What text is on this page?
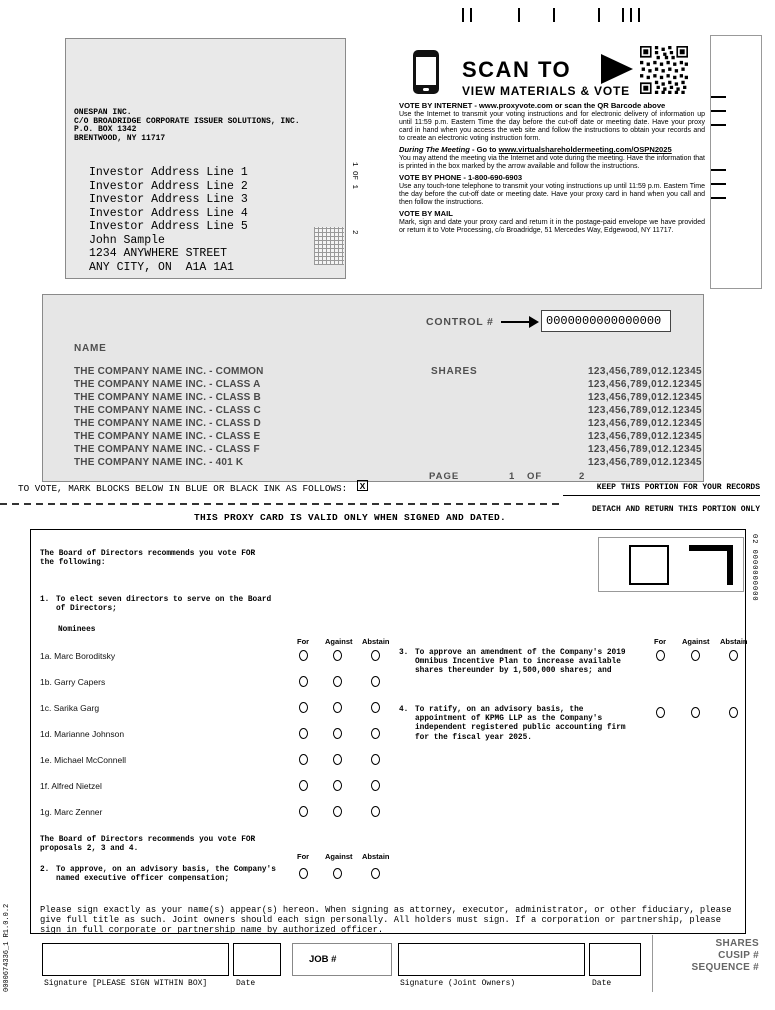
ONESPAN INC.
C/O BROADRIDGE CORPORATE ISSUER SOLUTIONS, INC.
P.O. BOX 1342
BRENTWOOD, NY 11717
Investor Address Line 1
Investor Address Line 2
Investor Address Line 3
Investor Address Line 4
Investor Address Line 5
John Sample
1234 ANYWHERE STREET
ANY CITY, ON  A1A 1A1
1 OF 1
2
SCAN TO
VIEW MATERIALS & VOTE
VOTE BY INTERNET - www.proxyvote.com or scan the QR Barcode above
Use the Internet to transmit your voting instructions and for electronic delivery of information up until 11:59 p.m. Eastern Time the day before the cut-off date or meeting date. Have your proxy card in hand when you access the web site and follow the instructions to obtain your records and to create an electronic voting instruction form.
During The Meeting - Go to www.virtualshareholdermeeting.com/OSPN2025
You may attend the meeting via the Internet and vote during the meeting. Have the information that is printed in the box marked by the arrow available and follow the instructions.
VOTE BY PHONE - 1-800-690-6903
Use any touch-tone telephone to transmit your voting instructions up until 11:59 p.m. Eastern Time the day before the cut-off date or meeting date. Have your proxy card in hand when you call and then follow the instructions.
VOTE BY MAIL
Mark, sign and date your proxy card and return it in the postage-paid envelope we have provided or return it to Vote Processing, c/o Broadridge, 51 Mercedes Way, Edgewood, NY 11717.
CONTROL #	0000000000000000
NAME
SHARES
THE COMPANY NAME INC. - COMMON	123,456,789,012.12345
THE COMPANY NAME INC. - CLASS A	123,456,789,012.12345
THE COMPANY NAME INC. - CLASS B	123,456,789,012.12345
THE COMPANY NAME INC. - CLASS C	123,456,789,012.12345
THE COMPANY NAME INC. - CLASS D	123,456,789,012.12345
THE COMPANY NAME INC. - CLASS E	123,456,789,012.12345
THE COMPANY NAME INC. - CLASS F	123,456,789,012.12345
THE COMPANY NAME INC. - 401 K	123,456,789,012.12345
PAGE	1 OF	2
TO VOTE, MARK BLOCKS BELOW IN BLUE OR BLACK INK AS FOLLOWS:	X	KEEP THIS PORTION FOR YOUR RECORDS
DETACH AND RETURN THIS PORTION ONLY
THIS PROXY CARD IS VALID ONLY WHEN SIGNED AND DATED.
The Board of Directors recommends you vote FOR
the following:
1. To elect seven directors to serve on the Board of Directors;
Nominees
For Against Abstain	For Against Abstain
1a. Marc Boroditsky
1b. Garry Capers
1c. Sarika Garg
1d. Marianne Johnson
1e. Michael McConnell
1f. Alfred Nietzel
1g. Marc Zenner
3. To approve an amendment of the Company's 2019 Omnibus Incentive Plan to increase available shares thereunder by 1,500,000 shares; and
4. To ratify, on an advisory basis, the appointment of KPMG LLP as the Company's independent registered public accounting firm for the fiscal year 2025.
The Board of Directors recommends you vote FOR
proposals 2, 3 and 4.
For Against Abstain
2. To approve, on an advisory basis, the Company's named executive officer compensation;
Please sign exactly as your name(s) appear(s) hereon. When signing as attorney, executor, administrator, or other fiduciary, please give full title as such. Joint owners should each sign personally. All holders must sign. If a corporation or partnership, please sign in full corporate or partnership name by authorized officer.
0000674336_1 R1.0.0.2
02 0000000000
JOB #
Signature [PLEASE SIGN WITHIN BOX]	Date	Signature (Joint Owners)	Date
SHARES
CUSIP #
SEQUENCE #
